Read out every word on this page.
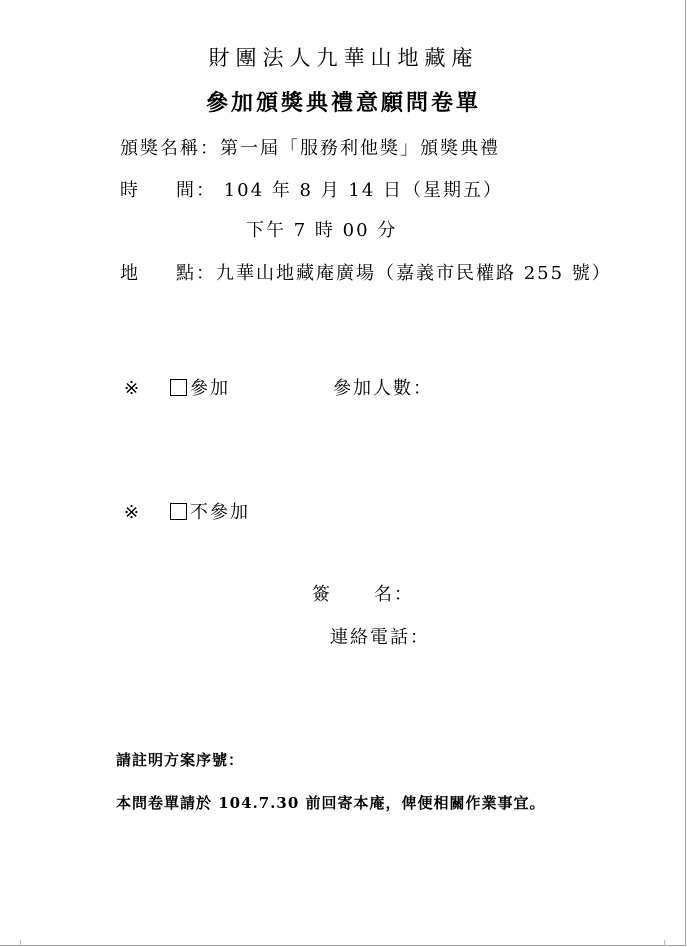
財團法人九華山地藏庵
參加頒獎典禮意願問卷單
頒獎名稱：第一屆「服務利他獎」頒獎典禮
時 間： 104 年 8 月 14 日（星期五）
下午 7 時 00 分
地 點：九華山地藏庵廣場（嘉義市民權路 255 號）
※	參加	參加人數：
※	不參加
簽 名：
連絡電話：
請註明方案序號：
本問卷單請於 104.7.30 前回寄本庵，俾便相關作業事宜。
